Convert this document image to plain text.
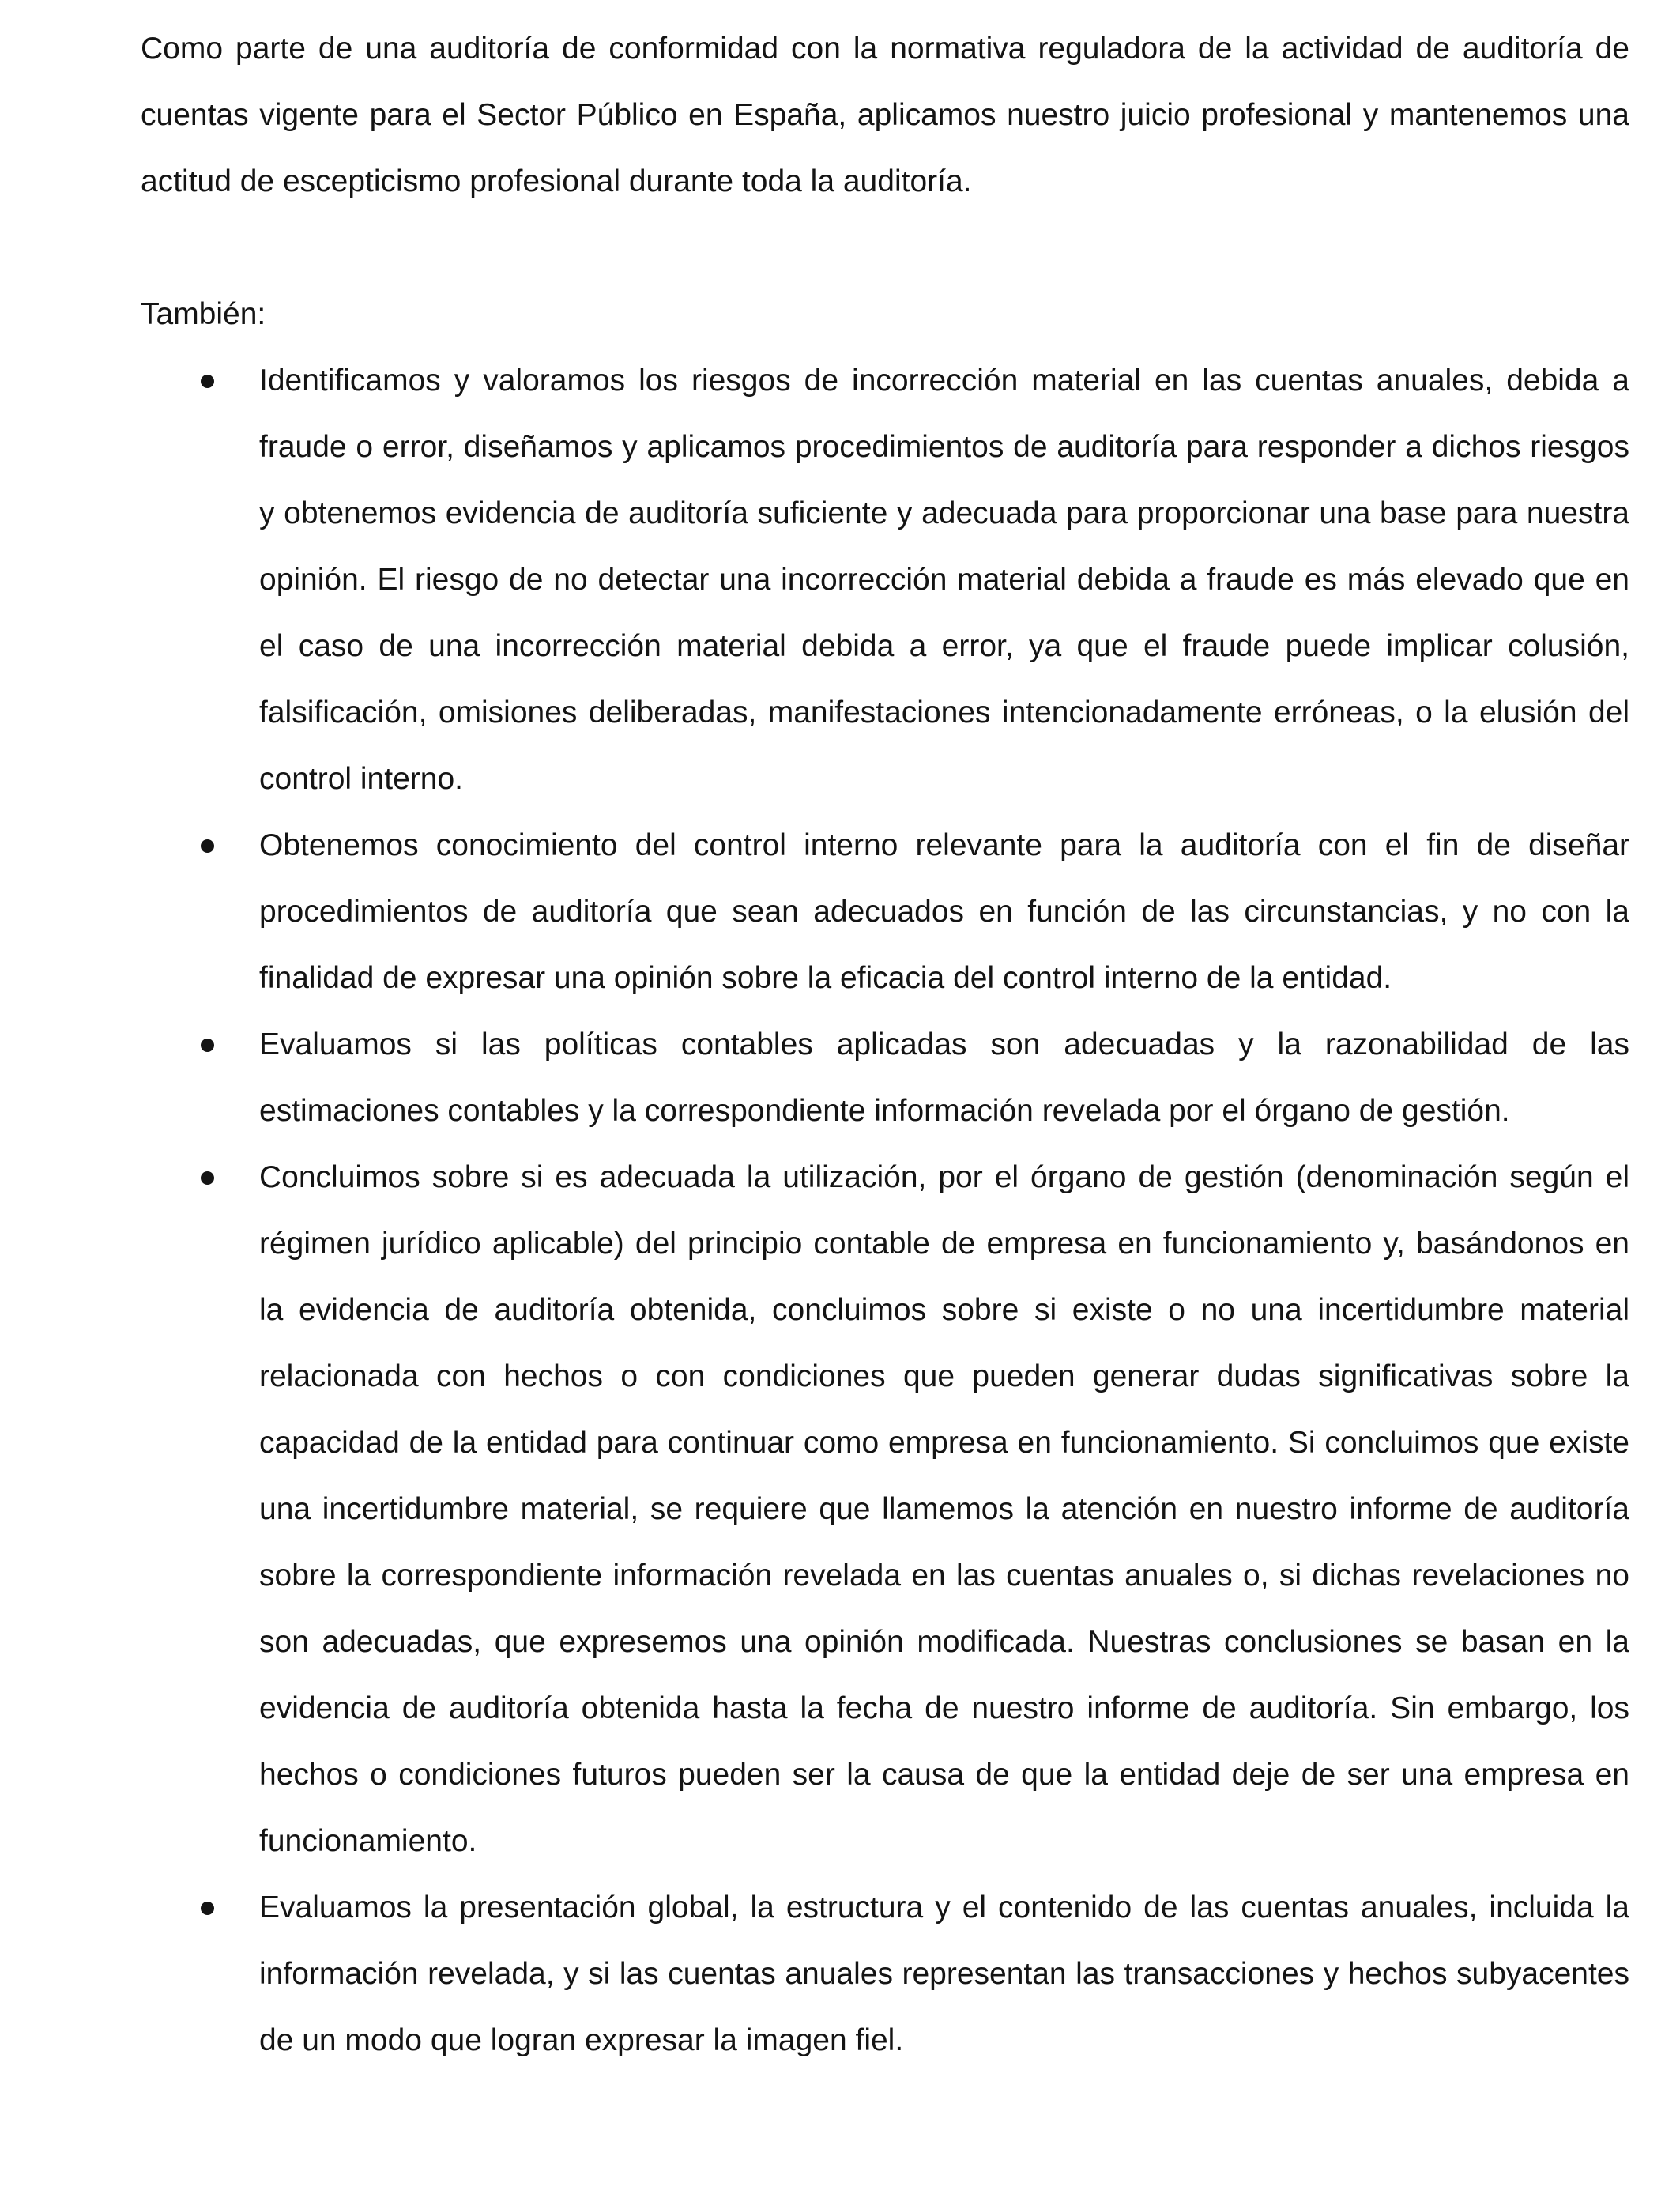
Como parte de una auditoría de conformidad con la normativa reguladora de la actividad de auditoría de cuentas vigente para el Sector Público en España, aplicamos nuestro juicio profesional y mantenemos una actitud de escepticismo profesional durante toda la auditoría.

También:

Identificamos y valoramos los riesgos de incorrección material en las cuentas anuales, debida a fraude o error, diseñamos y aplicamos procedimientos de auditoría para responder a dichos riesgos y obtenemos evidencia de auditoría suficiente y adecuada para proporcionar una base para nuestra opinión. El riesgo de no detectar una incorrección material debida a fraude es más elevado que en el caso de una incorrección material debida a error, ya que el fraude puede implicar colusión, falsificación, omisiones deliberadas, manifestaciones intencionadamente erróneas, o la elusión del control interno.
Obtenemos conocimiento del control interno relevante para la auditoría con el fin de diseñar procedimientos de auditoría que sean adecuados en función de las circunstancias, y no con la finalidad de expresar una opinión sobre la eficacia del control interno de la entidad.
Evaluamos si las políticas contables aplicadas son adecuadas y la razonabilidad de las estimaciones contables y la correspondiente información revelada por el órgano de gestión.
Concluimos sobre si es adecuada la utilización, por el órgano de gestión (denominación según el régimen jurídico aplicable) del principio contable de empresa en funcionamiento y, basándonos en la evidencia de auditoría obtenida, concluimos sobre si existe o no una incertidumbre material relacionada con hechos o con condiciones que pueden generar dudas significativas sobre la capacidad de la entidad para continuar como empresa en funcionamiento. Si concluimos que existe una incertidumbre material, se requiere que llamemos la atención en nuestro informe de auditoría sobre la correspondiente información revelada en las cuentas anuales o, si dichas revelaciones no son adecuadas, que expresemos una opinión modificada. Nuestras conclusiones se basan en la evidencia de auditoría obtenida hasta la fecha de nuestro informe de auditoría. Sin embargo, los hechos o condiciones futuros pueden ser la causa de que la entidad deje de ser una empresa en funcionamiento.
Evaluamos la presentación global, la estructura y el contenido de las cuentas anuales, incluida la información revelada, y si las cuentas anuales representan las transacciones y hechos subyacentes de un modo que logran expresar la imagen fiel.
